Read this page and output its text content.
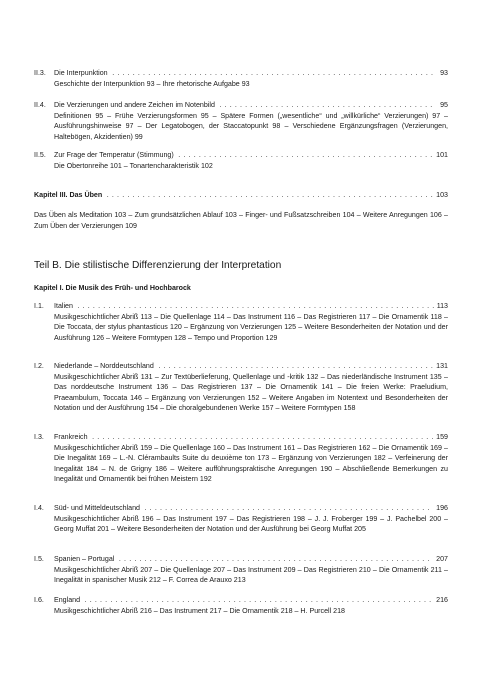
II.3. Die Interpunktion . . .	93
Geschichte der Interpunktion 93 – Ihre rhetorische Aufgabe 93
II.4. Die Verzierungen und andere Zeichen im Notenbild . . .	95
Definitionen 95 – Frühe Verzierungsformen 95 – Spätere Formen („wesentliche“ und „willkürliche“ Verzierungen) 97 – Ausführungshinweise 97 – Der Legatobogen, der Staccatopunkt 98 – Verschiedene Ergänzungsfragen (Verzierungen, Haltebögen, Akzidentien) 99
II.5. Zur Frage der Temperatur (Stimmung) . . .	101
Die Obertonreihe 101 – Tonartencharakteristik 102
Kapitel III. Das Üben . . .	103
Das Üben als Meditation 103 – Zum grundsätzlichen Ablauf 103 – Finger- und Fußsatzschreiben 104 – Weitere Anregungen 106 – Zum Üben der Verzierungen 109
Teil B. Die stilistische Differenzierung der Interpretation
Kapitel I. Die Musik des Früh- und Hochbarock
I.1. Italien . . .	113
Musikgeschichtlicher Abriß 113 – Die Quellenlage 114 – Das Instrument 116 – Das Registrieren 117 – Die Ornamentik 118 – Die Toccata, der stylus phantasticus 120 – Ergänzung von Verzierungen 125 – Weitere Besonderheiten der Notation und der Ausführung 126 – Weitere Formtypen 128 – Tempo und Proportion 129
I.2. Niederlande – Norddeutschland . . .	131
Musikgeschichtlicher Abriß 131 – Zur Textüberlieferung, Quellenlage und -kritik 132 – Das niederländische Instrument 135 – Das norddeutsche Instrument 136 – Das Registrieren 137 – Die Ornamentik 141 – Die freien Werke: Praeludium, Praeambulum, Toccata 146 – Ergänzung von Verzierungen 152 – Weitere Angaben im Notentext und Besonderheiten der Notation und der Ausführung 154 – Die choralgebundenen Werke 157 – Weitere Formtypen 158
I.3. Frankreich . . .	159
Musikgeschichtlicher Abriß 159 – Die Quellenlage 160 – Das Instrument 161 – Das Registrieren 162 – Die Ornamentik 169 – Die Inegalität 169 – L.-N. Clérambaults Suite du deuxième ton 173 – Ergänzung von Verzierungen 182 – Verfeinerung der Inegalität 184 – N. de Grigny 186 – Weitere aufführungspraktische Anregungen 190 – Abschließende Bemerkungen zu Inegalität und Ornamentik bei frühen Meistern 192
I.4. Süd- und Mitteldeutschland . . .	196
Musikgeschichtlicher Abriß 196 – Das Instrument 197 – Das Registrieren 198 – J. J. Froberger 199 – J. Pachelbel 200 – Georg Muffat 201 – Weitere Besonderheiten der Notation und der Ausführung bei Georg Muffat 205
I.5. Spanien – Portugal . . .	207
Musikgeschichtlicher Abriß 207 – Die Quellenlage 207 – Das Instrument 209 – Das Registrieren 210 – Die Ornamentik 211 – Inegalität in spanischer Musik 212 – F. Correa de Arauxo 213
I.6. England . . .	216
Musikgeschichtlicher Abriß 216 – Das Instrument 217 – Die Ornamentik 218 – H. Purcell 218
